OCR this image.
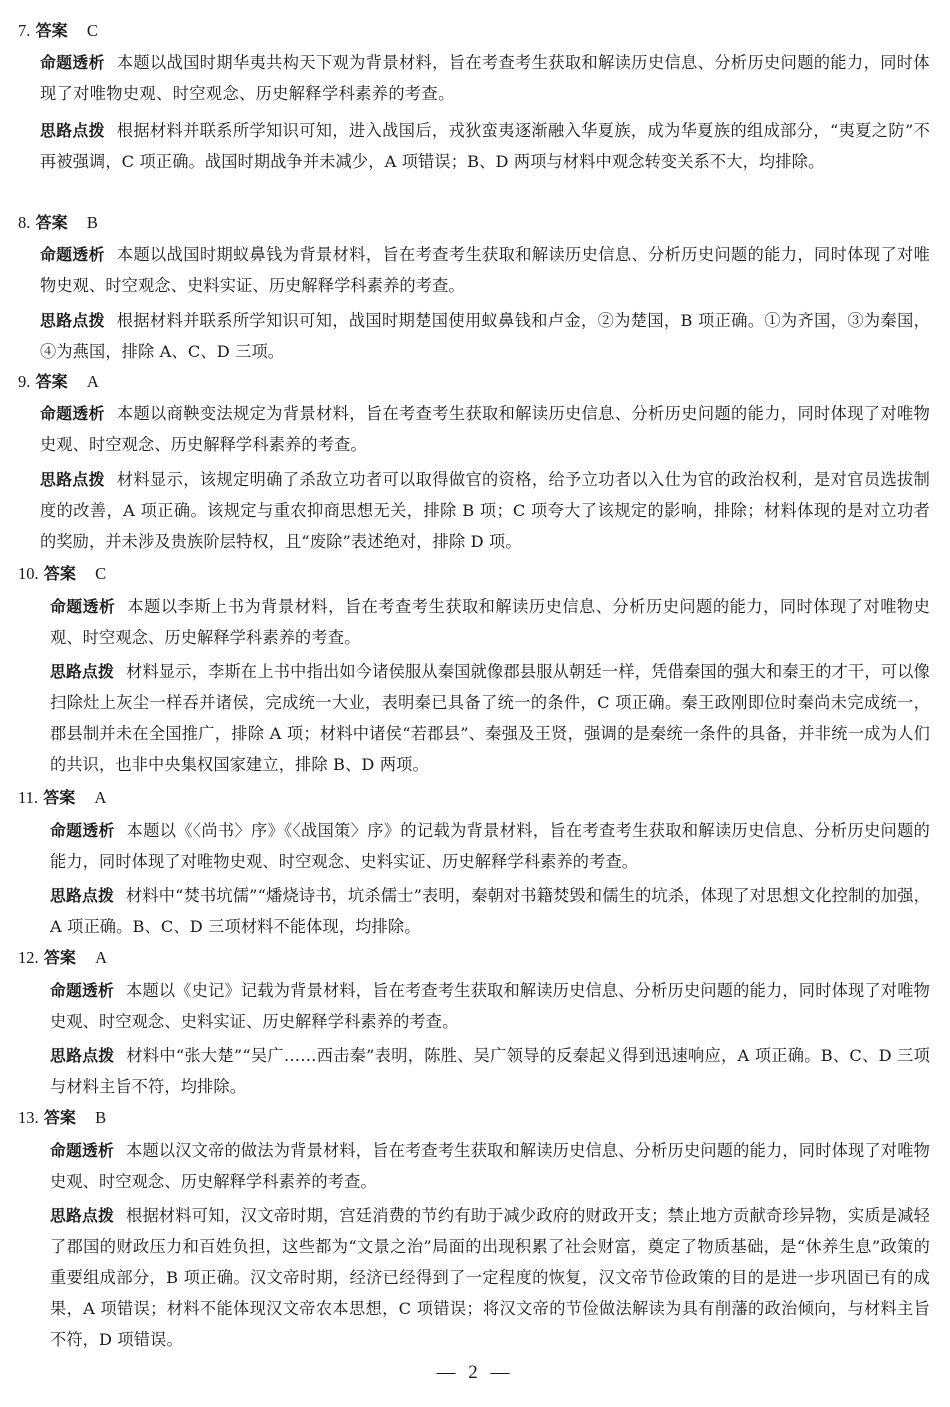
7. 答案 C
命题透析 本题以战国时期华夷共构天下观为背景材料，旨在考查考生获取和解读历史信息、分析历史问题的能力，同时体现了对唯物史观、时空观念、历史解释学科素养的考查。
思路点拨 根据材料并联系所学知识可知，进入战国后，戎狄蛮夷逐渐融入华夏族，成为华夏族的组成部分，“夷夏之防”不再被强调，C 项正确。战国时期战争并未减少，A 项错误；B、D 两项与材料中观念转变关系不大，均排除。
8. 答案 B
命题透析 本题以战国时期蚁鼻钱为背景材料，旨在考查考生获取和解读历史信息、分析历史问题的能力，同时体现了对唯物史观、时空观念、史料实证、历史解释学科素养的考查。
思路点拨 根据材料并联系所学知识可知，战国时期楚国使用蚁鼻钱和卢金，②为楚国，B 项正确。①为齐国，③为秦国，④为燕国，排除 A、C、D 三项。
9. 答案 A
命题透析 本题以商鞅变法规定为背景材料，旨在考查考生获取和解读历史信息、分析历史问题的能力，同时体现了对唯物史观、时空观念、历史解释学科素养的考查。
思路点拨 材料显示，该规定明确了杀敌立功者可以取得做官的资格，给予立功者以入仕为官的政治权利，是对官员选拔制度的改善，A 项正确。该规定与重农抑商思想无关，排除 B 项；C 项夸大了该规定的影响，排除；材料体现的是对立功者的奖励，并未涉及贵族阶层特权，且“废除”表述绝对，排除 D 项。
10. 答案 C
命题透析 本题以李斯上书为背景材料，旨在考查考生获取和解读历史信息、分析历史问题的能力，同时体现了对唯物史观、时空观念、历史解释学科素养的考查。
思路点拨 材料显示，李斯在上书中指出如今诸侯服从秦国就像郡县服从朝廷一样，凭借秦国的强大和秦王的才干，可以像扫除灶上灰尘一样吞并诸侯，完成统一大业，表明秦已具备了统一的条件，C 项正确。秦王政刚即位时秦尚未完成统一，郡县制并未在全国推广，排除 A 项；材料中诸侯“若郡县”、秦强及王贤，强调的是秦统一条件的具备，并非统一成为人们的共识，也非中央集权国家建立，排除 B、D 两项。
11. 答案 A
命题透析 本题以《〈尚书〉序》《〈战国策〉序》的记载为背景材料，旨在考查考生获取和解读历史信息、分析历史问题的能力，同时体现了对唯物史观、时空观念、史料实证、历史解释学科素养的考查。
思路点拨 材料中“焚书坑儒”“燔烧诗书，坑杀儒士”表明，秦朝对书籍焚毁和儒生的坑杀，体现了对思想文化控制的加强，A 项正确。B、C、D 三项材料不能体现，均排除。
12. 答案 A
命题透析 本题以《史记》记载为背景材料，旨在考查考生获取和解读历史信息、分析历史问题的能力，同时体现了对唯物史观、时空观念、史料实证、历史解释学科素养的考查。
思路点拨 材料中“张大楚”“吴广……西击秦”表明，陈胜、吴广领导的反秦起义得到迅速响应，A 项正确。B、C、D 三项与材料主旨不符，均排除。
13. 答案 B
命题透析 本题以汉文帝的做法为背景材料，旨在考查考生获取和解读历史信息、分析历史问题的能力，同时体现了对唯物史观、时空观念、历史解释学科素养的考查。
思路点拨 根据材料可知，汉文帝时期，宫廷消费的节约有助于减少政府的财政开支；禁止地方贡献奇珍异物，实质是减轻了郡国的财政压力和百姓负担，这些都为“文景之治”局面的出现积累了社会财富，奠定了物质基础，是“休养生息”政策的重要组成部分，B 项正确。汉文帝时期，经济已经得到了一定程度的恢复，汉文帝节俭政策的目的是进一步巩固已有的成果，A 项错误；材料不能体现汉文帝农本思想，C 项错误；将汉文帝的节俭做法解读为具有削藩的政治倾向，与材料主旨不符，D 项错误。
— 2 —
